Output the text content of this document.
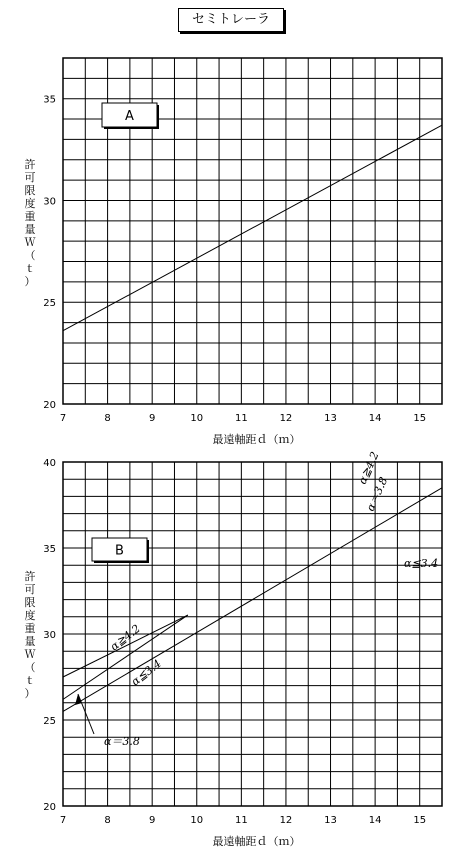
セミトレーラ
7	8	9	10	11	12	13	14	15
20
25
30
35
最遠軸距ｄ（ｍ）
許
可
限
度
重
量
Ｗ
（
ｔ
）
A
7	8	9	10	11	12	13	14	15
20
25
30
35
40
最遠軸距ｄ（ｍ）
許
可
限
度
重
量
Ｗ
（
ｔ
）
B
α≧4.2
α＝3.8
α≦3.4
α≧4.2
α≦3.4
α＝3.8
